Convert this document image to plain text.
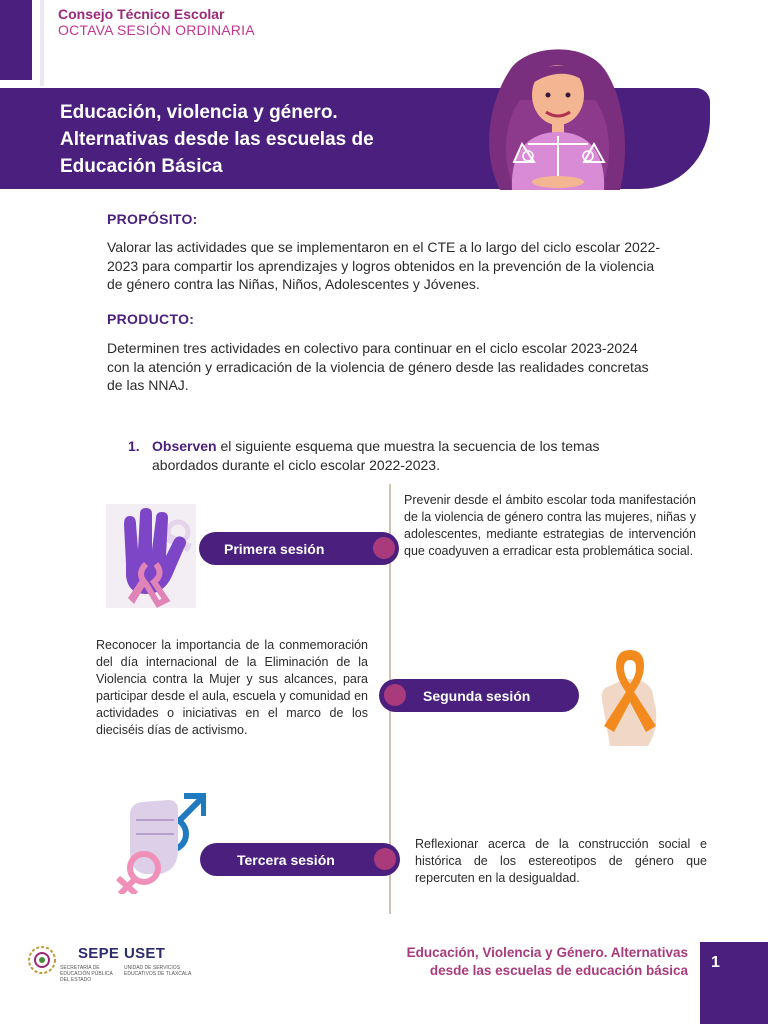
Consejo Técnico Escolar
OCTAVA SESIÓN ORDINARIA
Educación, violencia y género.
Alternativas desde las escuelas de
Educación Básica
PROPÓSITO:
Valorar las actividades que se implementaron en el CTE a lo largo del ciclo escolar 2022-2023 para compartir los aprendizajes y logros obtenidos en la prevención de la violencia de género contra las Niñas, Niños, Adolescentes y Jóvenes.
PRODUCTO:
Determinen tres actividades en colectivo para continuar en el ciclo escolar 2023-2024 con la atención y erradicación de la violencia de género desde las realidades concretas de las NNAJ.
1. Observen el siguiente esquema que muestra la secuencia de los temas abordados durante el ciclo escolar 2022-2023.
Primera sesión
Prevenir desde el ámbito escolar toda manifestación de la violencia de género contra las mujeres, niñas y adolescentes, mediante estrategias de intervención que coadyuven a erradicar esta problemática social.
Reconocer la importancia de la conmemoración del día internacional de la Eliminación de la Violencia contra la Mujer y sus alcances, para participar desde el aula, escuela y comunidad en actividades o iniciativas en el marco de los dieciséis días de activismo.
Segunda sesión
Tercera sesión
Reflexionar acerca de la construcción social e histórica de los estereotipos de género que repercuten en la desigualdad.
SEPE USET
SECRETARÍA DE EDUCACIÓN PÚBLICA DEL ESTADO
UNIDAD DE SERVICIOS EDUCATIVOS DE TLAXCALA
Educación, Violencia y Género. Alternativas
desde las escuelas de educación básica 1
